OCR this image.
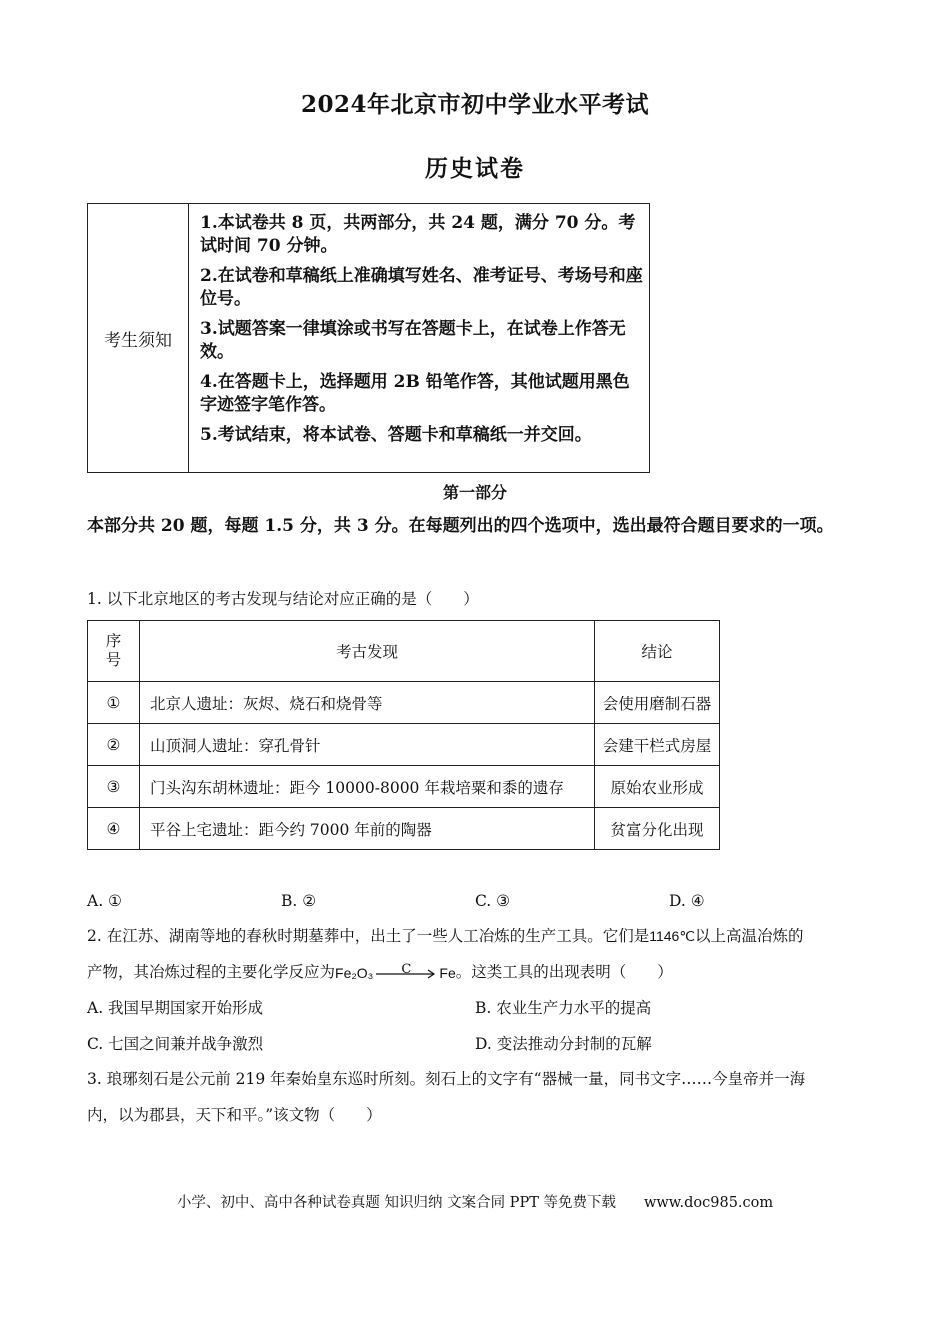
2024年北京市初中学业水平考试
历史试卷
考生须知
1.本试卷共 8 页，共两部分，共 24 题，满分 70 分。考试时间 70 分钟。
2.在试卷和草稿纸上准确填写姓名、准考证号、考场号和座位号。
3.试题答案一律填涂或书写在答题卡上，在试卷上作答无效。
4.在答题卡上，选择题用 2B 铅笔作答，其他试题用黑色字迹签字笔作答。
5.考试结束，将本试卷、答题卡和草稿纸一并交回。
第一部分
本部分共 20 题，每题 1.5 分，共 3 分。在每题列出的四个选项中，选出最符合题目要求的一项。
1. 以下北京地区的考古发现与结论对应正确的是（　　）
序号	考古发现	结论
①	北京人遗址：灰烬、烧石和烧骨等	会使用磨制石器
②	山顶洞人遗址：穿孔骨针	会建干栏式房屋
③	门头沟东胡林遗址：距今 10000-8000 年栽培粟和黍的遗存	原始农业形成
④	平谷上宅遗址：距今约 7000 年前的陶器	贫富分化出现
A. ①	B. ②	C. ③	D. ④
2. 在江苏、湖南等地的春秋时期墓葬中，出土了一些人工冶炼的生产工具。它们是1146℃以上高温冶炼的
产物，其冶炼过程的主要化学反应为 Fe₂O₃	C	Fe 。这类工具的出现表明（　　）
A. 我国早期国家开始形成	B. 农业生产力水平的提高
C. 七国之间兼并战争激烈	D. 变法推动分封制的瓦解
3. 琅琊刻石是公元前 219 年秦始皇东巡时所刻。刻石上的文字有“器械一量，同书文字……今皇帝并一海
内，以为郡县，天下和平。”该文物（　　）
小学、初中、高中各种试卷真题 知识归纳 文案合同 PPT 等免费下载 www.doc985.com
